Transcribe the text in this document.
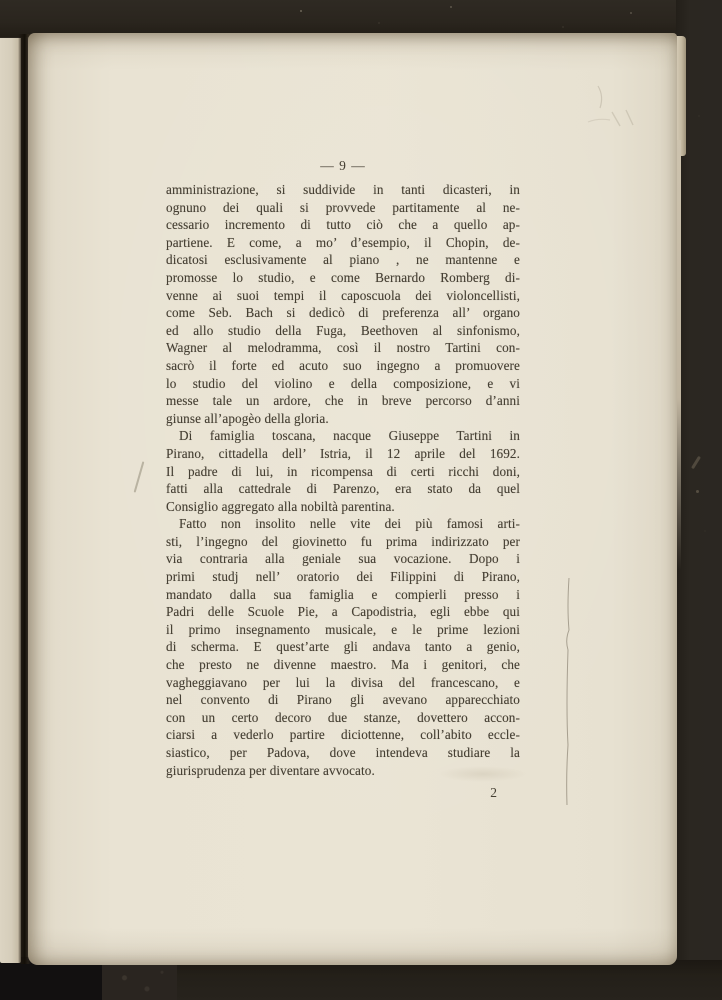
— 9 —
amministrazione, si suddivide in tanti dicasteri, in
ognuno dei quali si provvede partitamente al ne-
cessario incremento di tutto ciò che a quello ap-
partiene. E come, a mo’ d’esempio, il Chopin, de-
dicatosi esclusivamente al piano , ne mantenne e
promosse lo studio, e come Bernardo Romberg di-
venne ai suoi tempi il caposcuola dei violoncellisti,
come Seb. Bach si dedicò di preferenza all’ organo
ed allo studio della Fuga, Beethoven al sinfonismo,
Wagner al melodramma, così il nostro Tartini con-
sacrò il forte ed acuto suo ingegno a promuovere
lo studio del violino e della composizione, e vi
messe tale un ardore, che in breve percorso d’anni
giunse all’apogèo della gloria.
Di famiglia toscana, nacque Giuseppe Tartini in
Pirano, cittadella dell’ Istria, il 12 aprile del 1692.
Il padre di lui, in ricompensa di certi ricchi doni,
fatti alla cattedrale di Parenzo, era stato da quel
Consiglio aggregato alla nobiltà parentina.
Fatto non insolito nelle vite dei più famosi arti-
sti, l’ingegno del giovinetto fu prima indirizzato per
via contraria alla geniale sua vocazione. Dopo i
primi studj nell’ oratorio dei Filippini di Pirano,
mandato dalla sua famiglia e compierli presso i
Padri delle Scuole Pie, a Capodistria, egli ebbe qui
il primo insegnamento musicale, e le prime lezioni
di scherma. E quest’arte gli andava tanto a genio,
che presto ne divenne maestro. Ma i genitori, che
vagheggiavano per lui la divisa del francescano, e
nel convento di Pirano gli avevano apparecchiato
con un certo decoro due stanze, dovettero accon-
ciarsi a vederlo partire diciottenne, coll’abito eccle-
siastico, per Padova, dove intendeva studiare la
giurisprudenza per diventare avvocato.
2
